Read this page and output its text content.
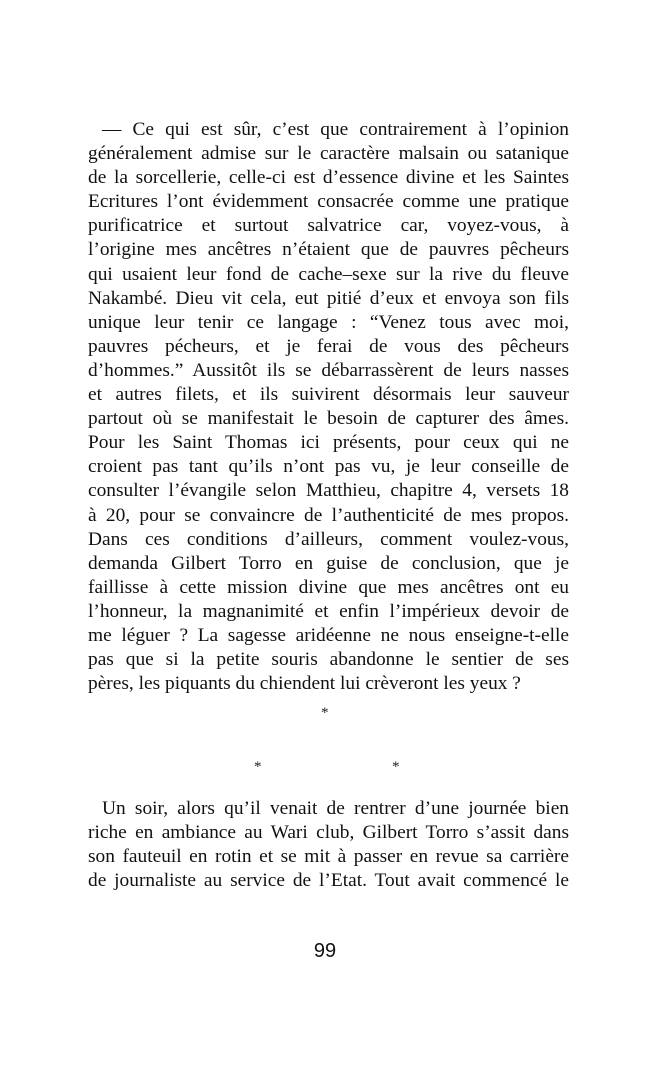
— Ce qui est sûr, c’est que contrairement à l’opinion
généralement admise sur le caractère malsain ou satanique
de la sorcellerie, celle-ci est d’essence divine et les Saintes
Ecritures l’ont évidemment consacrée comme une pratique
purificatrice et surtout salvatrice car, voyez-vous, à
l’origine mes ancêtres n’étaient que de pauvres pêcheurs
qui usaient leur fond de cache–sexe sur la rive du fleuve
Nakambé. Dieu vit cela, eut pitié d’eux et envoya son fils
unique leur tenir ce langage : “Venez tous avec moi,
pauvres pécheurs, et je ferai de vous des pêcheurs
d’hommes.” Aussitôt ils se débarrassèrent de leurs nasses
et autres filets, et ils suivirent désormais leur sauveur
partout où se manifestait le besoin de capturer des âmes.
Pour les Saint Thomas ici présents, pour ceux qui ne
croient pas tant qu’ils n’ont pas vu, je leur conseille de
consulter l’évangile selon Matthieu, chapitre 4, versets 18
à 20, pour se convaincre de l’authenticité de mes propos.
Dans ces conditions d’ailleurs, comment voulez-vous,
demanda Gilbert Torro en guise de conclusion, que je
faillisse à cette mission divine que mes ancêtres ont eu
l’honneur, la magnanimité et enfin l’impérieux devoir de
me léguer ? La sagesse aridéenne ne nous enseigne-t-elle
pas que si la petite souris abandonne le sentier de ses
pères, les piquants du chiendent lui crèveront les yeux ?
*
*	*
Un soir, alors qu’il venait de rentrer d’une journée bien
riche en ambiance au Wari club, Gilbert Torro s’assit dans
son fauteuil en rotin et se mit à passer en revue sa carrière
de journaliste au service de l’Etat. Tout avait commencé le
99
